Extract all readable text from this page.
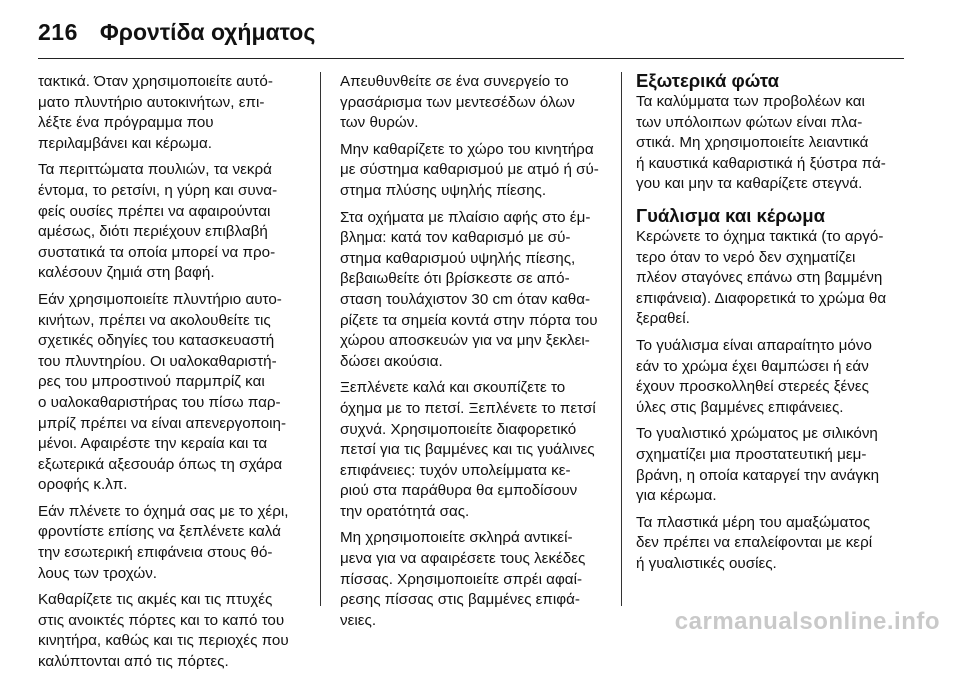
216 Φροντίδα οχήματος

τακτικά. Όταν χρησιμοποιείτε αυτό-
ματο πλυντήριο αυτοκινήτων, επι-
λέξτε ένα πρόγραμμα που
περιλαμβάνει και κέρωμα.

Τα περιττώματα πουλιών, τα νεκρά
έντομα, το ρετσίνι, η γύρη και συνα-
φείς ουσίες πρέπει να αφαιρούνται
αμέσως, διότι περιέχουν επιβλαβή
συστατικά τα οποία μπορεί να προ-
καλέσουν ζημιά στη βαφή.

Εάν χρησιμοποιείτε πλυντήριο αυτο-
κινήτων, πρέπει να ακολουθείτε τις
σχετικές οδηγίες του κατασκευαστή
του πλυντηρίου. Οι υαλοκαθαριστή-
ρες του μπροστινού παρμπρίζ και
ο υαλοκαθαριστήρας του πίσω παρ-
μπρίζ πρέπει να είναι απενεργοποιη-
μένοι. Αφαιρέστε την κεραία και τα
εξωτερικά αξεσουάρ όπως τη σχάρα
οροφής κ.λπ.

Εάν πλένετε το όχημά σας με το χέρι,
φροντίστε επίσης να ξεπλένετε καλά
την εσωτερική επιφάνεια στους θό-
λους των τροχών.

Καθαρίζετε τις ακμές και τις πτυχές
στις ανοικτές πόρτες και το καπό του
κινητήρα, καθώς και τις περιοχές που
καλύπτονται από τις πόρτες.

Απευθυνθείτε σε ένα συνεργείο το
γρασάρισμα των μεντεσέδων όλων
των θυρών.

Μην καθαρίζετε το χώρο του κινητήρα
με σύστημα καθαρισμού με ατμό ή σύ-
στημα πλύσης υψηλής πίεσης.

Στα οχήματα με πλαίσιο αφής στο έμ-
βλημα: κατά τον καθαρισμό με σύ-
στημα καθαρισμού υψηλής πίεσης,
βεβαιωθείτε ότι βρίσκεστε σε από-
σταση τουλάχιστον 30 cm όταν καθα-
ρίζετε τα σημεία κοντά στην πόρτα του
χώρου αποσκευών για να μην ξεκλει-
δώσει ακούσια.

Ξεπλένετε καλά και σκουπίζετε το
όχημα με το πετσί. Ξεπλένετε το πετσί
συχνά. Χρησιμοποιείτε διαφορετικό
πετσί για τις βαμμένες και τις γυάλινες
επιφάνειες: τυχόν υπολείμματα κε-
ριού στα παράθυρα θα εμποδίσουν
την ορατότητά σας.

Μη χρησιμοποιείτε σκληρά αντικεί-
μενα για να αφαιρέσετε τους λεκέδες
πίσσας. Χρησιμοποιείτε σπρέι αφαί-
ρεσης πίσσας στις βαμμένες επιφά-
νειες.

Εξωτερικά φώτα

Τα καλύμματα των προβολέων και
των υπόλοιπων φώτων είναι πλα-
στικά. Μη χρησιμοποιείτε λειαντικά
ή καυστικά καθαριστικά ή ξύστρα πά-
γου και μην τα καθαρίζετε στεγνά.

Γυάλισμα και κέρωμα

Κερώνετε το όχημα τακτικά (το αργό-
τερο όταν το νερό δεν σχηματίζει
πλέον σταγόνες επάνω στη βαμμένη
επιφάνεια). Διαφορετικά το χρώμα θα
ξεραθεί.

Το γυάλισμα είναι απαραίτητο μόνο
εάν το χρώμα έχει θαμπώσει ή εάν
έχουν προσκολληθεί στερεές ξένες
ύλες στις βαμμένες επιφάνειες.

Το γυαλιστικό χρώματος με σιλικόνη
σχηματίζει μια προστατευτική μεμ-
βράνη, η οποία καταργεί την ανάγκη
για κέρωμα.

Τα πλαστικά μέρη του αμαξώματος
δεν πρέπει να επαλείφονται με κερί
ή γυαλιστικές ουσίες.

carmanualsonline.info
